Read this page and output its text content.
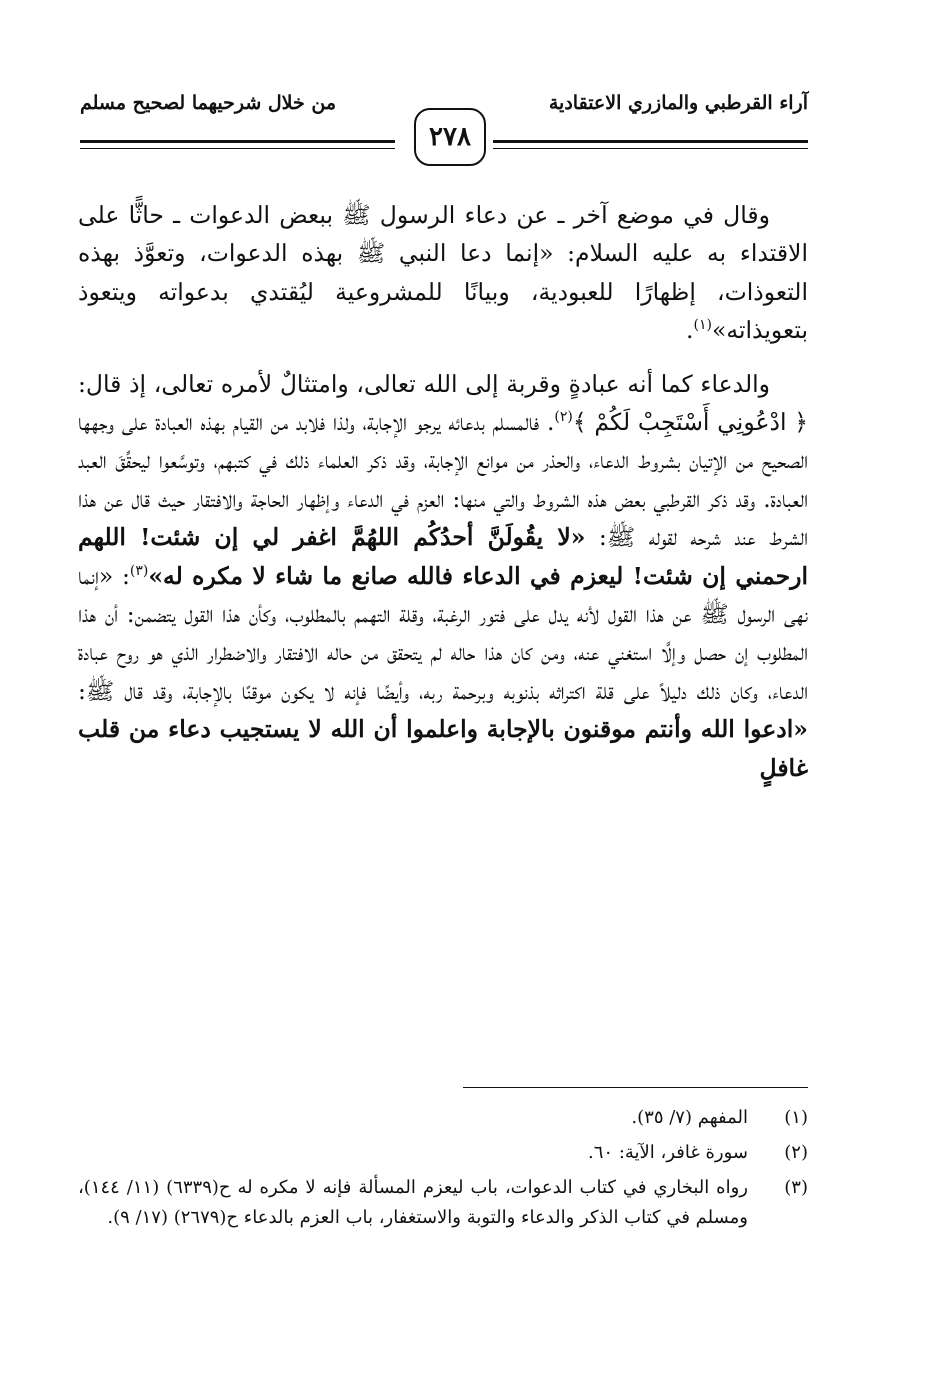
آراء القرطبي والمازري الاعتقادية
من خلال شرحيهما لصحيح مسلم
٢٧٨

وقال في موضع آخر ـ عن دعاء الرسول ﷺ ببعض الدعوات ـ حاثًّا على الاقتداء به عليه السلام: «إنما دعا النبي ﷺ بهذه الدعوات، وتعوَّذ بهذه التعوذات، إظهارًا للعبودية، وبيانًا للمشروعية ليُقتدي بدعواته ويتعوذ بتعويذاته»$^{(١)}$.

والدعاء كما أنه عبادةٍ وقربة إلى الله تعالى، وامتثالٌ لأمره تعالى، إذ قال: ﴿ ادْعُونِي أَسْتَجِبْ لَكُمْ ﴾$^{(٢)}$. فالمسلم بدعائه يرجو الإجابة، ولذا فلابد من القيام بهذه العبادة على وجهها الصحيح من الإتيان بشروط الدعاء، والحذر من موانع الإجابة، وقد ذكر العلماء ذلك في كتبهم، وتوسَّعوا ليحقِّقَ العبد العبادة. وقد ذكر القرطبي بعض هذه الشروط والتي منها: العزم في الدعاء وإظهار الحاجة والافتقار حيث قال عن هذا الشرط عند شرحه لقوله ﷺ: «لا يقُولَنَّ أحدُكُم اللهُمَّ اغفر لي إن شئت! اللهم ارحمني إن شئت! ليعزم في الدعاء فالله صانع ما شاء لا مكره له»$^{(٣)}$: «إنما نهى الرسول ﷺ عن هذا القول لأنه يدل على فتور الرغبة، وقلة التهمم بالمطلوب، وكأن هذا القول يتضمن: أن هذا المطلوب إن حصل وإلَّا استغني عنه، ومن كان هذا حاله لم يتحقق من حاله الافتقار والاضطرار الذي هو روح عبادة الدعاء، وكان ذلك دليلاً على قلة اكتراثه بذنوبه وبرحمة ربه، وأيضًا فإنه لا يكون موقنًا بالإجابة، وقد قال ﷺ: «ادعوا الله وأنتم موقنون بالإجابة واعلموا أن الله لا يستجيب دعاء من قلب غافلٍ

(١)
المفهم (٧/ ٣٥).
(٢)
سورة غافر، الآية: ٦٠.
(٣)
رواه البخاري في كتاب الدعوات، باب ليعزم المسألة فإنه لا مكره له ح(٦٣٣٩) (١١/ ١٤٤)، ومسلم في كتاب الذكر والدعاء والتوبة والاستغفار، باب العزم بالدعاء ح(٢٦٧٩) (١٧/ ٩).
